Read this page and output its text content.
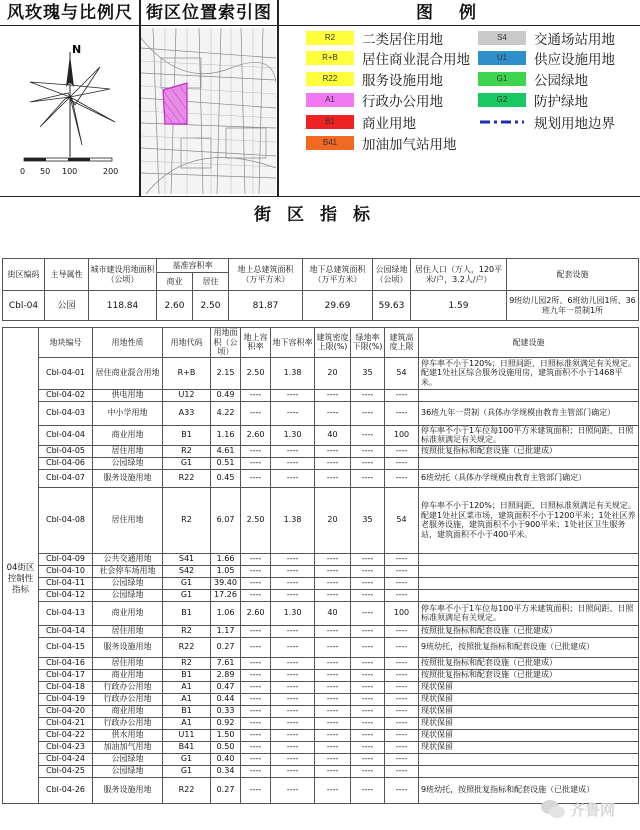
风玫瑰与比例尺 街区位置索引图	图例
N
0 50 100	200
R2	二类居住用地
R+B	居住商业混合用地
R22	服务设施用地
A1	行政办公用地
B1	商业用地
B41	加油加气站用地
S4	交通场站用地
U1	供应设施用地
G1	公园绿地
G2	防护绿地
规划用地边界
街区指标
街区编码	主导属性	城市建设用地面积（公顷）	基准容积率		地上总建筑面积（万平方米）	地下总建筑面积（万平方米）	公园绿地（公顷）	居住人口（万人，120平米/户，3.2人/户）	配套设施
			商业	居住					
Cbl-04	公园	118.84	2.60	2.50	81.87	29.69	59.63	1.59	9班幼儿园2所、6班幼儿园1所、36班九年一贯制1所
	地块编号	用地性质	用地代码	用地面积（公顷）	地上容积率	地下容积率	建筑密度上限(%)	绿地率下限(%)	建筑高度上限	配建设施
04街区控制性指标	Cbl-04-01	居住商业混合用地	R+B	2.15	2.50	1.38	20	35	54	停车率不小于120%；日照间距、日照标准须满足有关规定。配建1处社区综合服务设施用房，建筑面积不小于1468平米。
	Cbl-04-02	供电用地	U12	0.49	----	----	----	----	----	
	Cbl-04-03	中小学用地	A33	4.22	----	----	----	----	----	36班九年一贯制（具体办学规模由教育主管部门确定）
	Cbl-04-04	商业用地	B1	1.16	2.60	1.30	40	----	100	停车率不小于1车位每100平方米建筑面积；日照间距、日照标准须满足有关规定。
	Cbl-04-05	居住用地	R2	4.61	----	----	----	----	----	按照批复指标和配套设施（已批建成）
	Cbl-04-06	公园绿地	G1	0.51	----	----	----	----	----	
	Cbl-04-07	服务设施用地	R22	0.45	----	----	----	----	----	6班幼托（具体办学规模由教育主管部门确定）
	Cbl-04-08	居住用地	R2	6.07	2.50	1.38	20	35	54	停车率不小于120%；日照间距、日照标准须满足有关规定。配建1处社区菜市场，建筑面积不小于1200平米；1处社区养老服务设施，建筑面积不小于900平米；1处社区卫生服务站，建筑面积不小于400平米。
	Cbl-04-09	公共交通用地	S41	1.66	----	----	----	----	----	
	Cbl-04-10	社会停车场用地	S42	1.05	----	----	----	----	----	
	Cbl-04-11	公园绿地	G1	39.40	----	----	----	----	----	
	Cbl-04-12	公园绿地	G1	17.26	----	----	----	----	----	
	Cbl-04-13	商业用地	B1	1.06	2.60	1.30	40	----	100	停车率不小于1车位每100平方米建筑面积；日照间距、日照标准须满足有关规定。
	Cbl-04-14	居住用地	R2	1.17	----	----	----	----	----	按照批复指标和配套设施（已批建成）
	Cbl-04-15	服务设施用地	R22	0.27	----	----	----	----	----	9班幼托，按照批复指标和配套设施（已批建成）
	Cbl-04-16	居住用地	R2	7.61	----	----	----	----	----	按照批复指标和配套设施（已批建成）
	Cbl-04-17	商业用地	B1	2.89	----	----	----	----	----	按照批复指标和配套设施（已批建成）
	Cbl-04-18	行政办公用地	A1	0.47	----	----	----	----	----	现状保留
	Cbl-04-19	行政办公用地	A1	0.44	----	----	----	----	----	现状保留
	Cbl-04-20	商业用地	B1	0.33	----	----	----	----	----	现状保留
	Cbl-04-21	行政办公用地	A1	0.92	----	----	----	----	----	现状保留
	Cbl-04-22	供水用地	U11	1.50	----	----	----	----	----	现状保留
	Cbl-04-23	加油加气用地	B41	0.50	----	----	----	----	----	现状保留
	Cbl-04-24	公园绿地	G1	0.40	----	----	----	----	----	
	Cbl-04-25	公园绿地	G1	0.34	----	----	----	----	----	
	Cbl-04-26	服务设施用地	R22	0.27	----	----	----	----	----	9班幼托，按照批复指标和配套设施（已批建成）
齐鲁网
